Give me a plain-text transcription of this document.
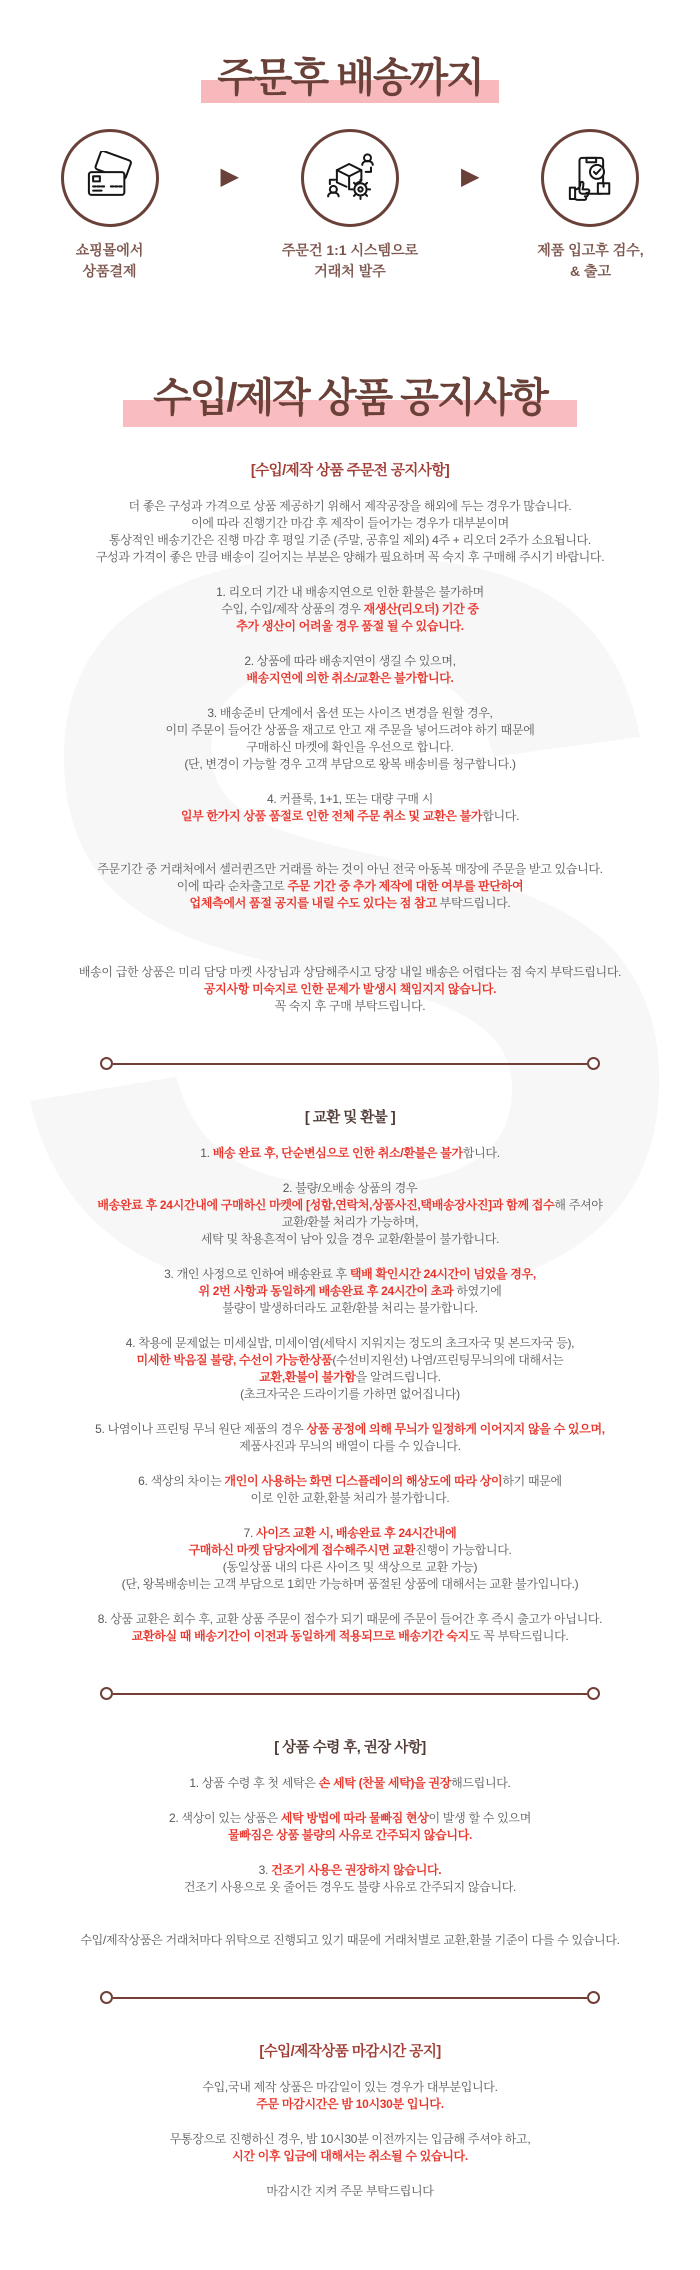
주문후 배송까지
쇼핑몰에서
상품결제
▶
주문건 1:1 시스템으로
거래처 발주
▶
제품 입고후 검수,
& 출고
수입/제작 상품 공지사항
[수입/제작 상품 주문전 공지사항]

더 좋은 구성과 가격으로 상품 제공하기 위해서 제작공장을 해외에 두는 경우가 많습니다.
이에 따라 진행기간 마감 후 제작이 들어가는 경우가 대부분이며
통상적인 배송기간은 진행 마감 후 평일 기준 (주말, 공휴일 제외) 4주 + 리오더 2주가 소요됩니다.
구성과 가격이 좋은 만큼 배송이 길어지는 부분은 양해가 필요하며 꼭 숙지 후 구매해 주시기 바랍니다.

1. 리오더 기간 내 배송지연으로 인한 환불은 불가하며
수입, 수입/제작 상품의 경우 재생산(리오더) 기간 중
추가 생산이 어려울 경우 품절 될 수 있습니다.

2. 상품에 따라 배송지연이 생길 수 있으며,
배송지연에 의한 취소/교환은 불가합니다.

3. 배송준비 단계에서 옵션 또는 사이즈 변경을 원할 경우,
이미 주문이 들어간 상품을 재고로 안고 재 주문을 넣어드려야 하기 때문에
구매하신 마켓에 확인을 우선으로 합니다.
(단, 변경이 가능할 경우 고객 부담으로 왕복 배송비를 청구합니다.)

4. 커플룩, 1+1, 또는 대량 구매 시
일부 한가지 상품 품절로 인한 전체 주문 취소 및 교환은 불가합니다.

주문기간 중 거래처에서 셀러퀸즈만 거래를 하는 것이 아닌 전국 아동복 매장에 주문을 받고 있습니다.
이에 따라 순차출고로 주문 기간 중 추가 제작에 대한 여부를 판단하여
업체측에서 품절 공지를 내릴 수도 있다는 점 참고 부탁드립니다.

배송이 급한 상품은 미리 담당 마켓 사장님과 상담해주시고 당장 내일 배송은 어렵다는 점 숙지 부탁드립니다.
공지사항 미숙지로 인한 문제가 발생시 책임지지 않습니다.
꼭 숙지 후 구매 부탁드립니다.

[ 교환 및 환불 ]

1. 배송 완료 후, 단순변심으로 인한 취소/환불은 불가합니다.

2. 불량/오배송 상품의 경우
배송완료 후 24시간내에 구매하신 마켓에 [성함,연락처,상품사진,택배송장사진]과 함께 접수해 주셔야
교환/환불 처리가 가능하며,
세탁 및 착용흔적이 남아 있을 경우 교환/환불이 불가합니다.

3. 개인 사정으로 인하여 배송완료 후 택배 확인시간 24시간이 넘었을 경우,
위 2번 사항과 동일하게 배송완료 후 24시간이 초과 하였기에
불량이 발생하더라도 교환/환불 처리는 불가합니다.

4. 착용에 문제없는 미세실밥, 미세이염(세탁시 지워지는 정도의 초크자국 및 본드자국 등),
미세한 박음질 불량, 수선이 가능한상품(수선비지원선) 나염/프린팅무늬의에 대해서는
교환,환불이 불가함을 알려드립니다.
(초크자국은 드라이기를 가하면 없어집니다)

5. 나염이나 프린팅 무늬 원단 제품의 경우 상품 공정에 의해 무늬가 일정하게 이어지지 않을 수 있으며,
제품사진과 무늬의 배열이 다를 수 있습니다.

6. 색상의 차이는 개인이 사용하는 화면 디스플레이의 해상도에 따라 상이하기 때문에
이로 인한 교환,환불 처리가 불가합니다.

7. 사이즈 교환 시, 배송완료 후 24시간내에
구매하신 마켓 담당자에게 접수해주시면 교환진행이 가능합니다.
(동일상품 내의 다른 사이즈 및 색상으로 교환 가능)
(단, 왕복배송비는 고객 부담으로 1회만 가능하며 품절된 상품에 대해서는 교환 불가입니다.)

8. 상품 교환은 회수 후, 교환 상품 주문이 접수가 되기 때문에 주문이 들어간 후 즉시 출고가 아닙니다.
교환하실 때 배송기간이 이전과 동일하게 적용되므로 배송기간 숙지도 꼭 부탁드립니다.

[ 상품 수령 후, 권장 사항]

1. 상품 수령 후 첫 세탁은 손 세탁 (찬물 세탁)을 권장해드립니다.

2. 색상이 있는 상품은 세탁 방법에 따라 물빠짐 현상이 발생 할 수 있으며
물빠짐은 상품 불량의 사유로 간주되지 않습니다.

3. 건조기 사용은 권장하지 않습니다.
건조기 사용으로 옷 줄어든 경우도 불량 사유로 간주되지 않습니다.

수입/제작상품은 거래처마다 위탁으로 진행되고 있기 때문에 거래처별로 교환,환불 기준이 다를 수 있습니다.

[수입/제작상품 마감시간 공지]

수입,국내 제작 상품은 마감일이 있는 경우가 대부분입니다.
주문 마감시간은 밤 10시30분 입니다.

무통장으로 진행하신 경우, 밤 10시30분 이전까지는 입금해 주셔야 하고,
시간 이후 입금에 대해서는 취소될 수 있습니다.

마감시간 지켜 주문 부탁드립니다
